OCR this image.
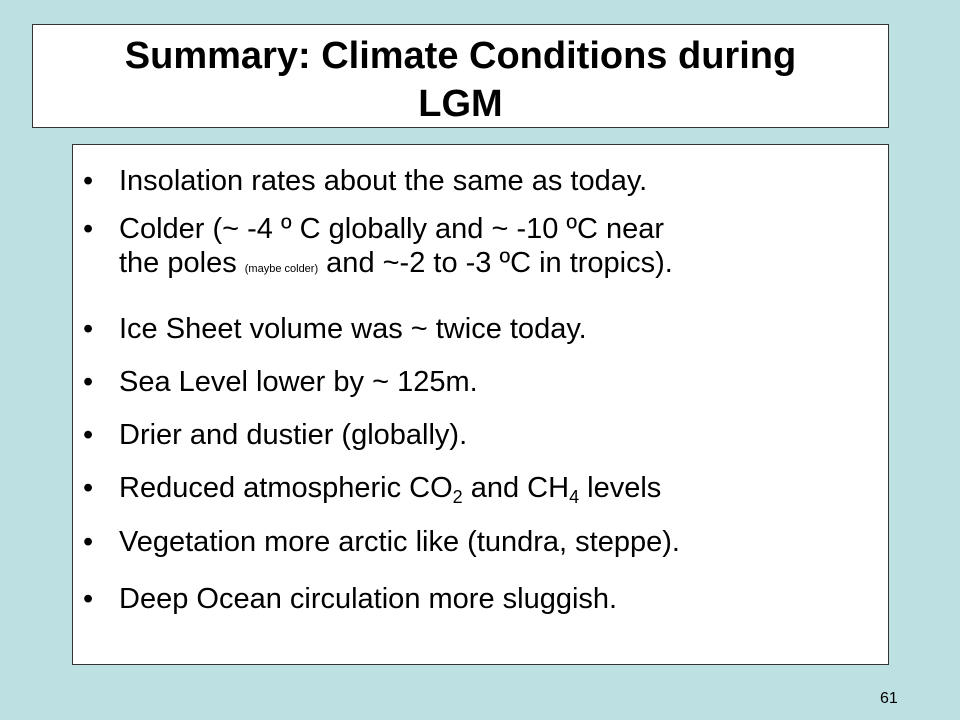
Summary: Climate Conditions during
LGM
• Insolation rates about the same as today.
• Colder (~ -4 º C globally and ~ -10 ºC near
the poles (maybe colder) and ~-2 to -3 ºC in tropics).
• Ice Sheet volume was ~ twice today.
• Sea Level lower by ~ 125m.
• Drier and dustier (globally).
• Reduced atmospheric $CO_2$ and $CH_4$ levels
• Vegetation more arctic like (tundra, steppe).
• Deep Ocean circulation more sluggish.
61
